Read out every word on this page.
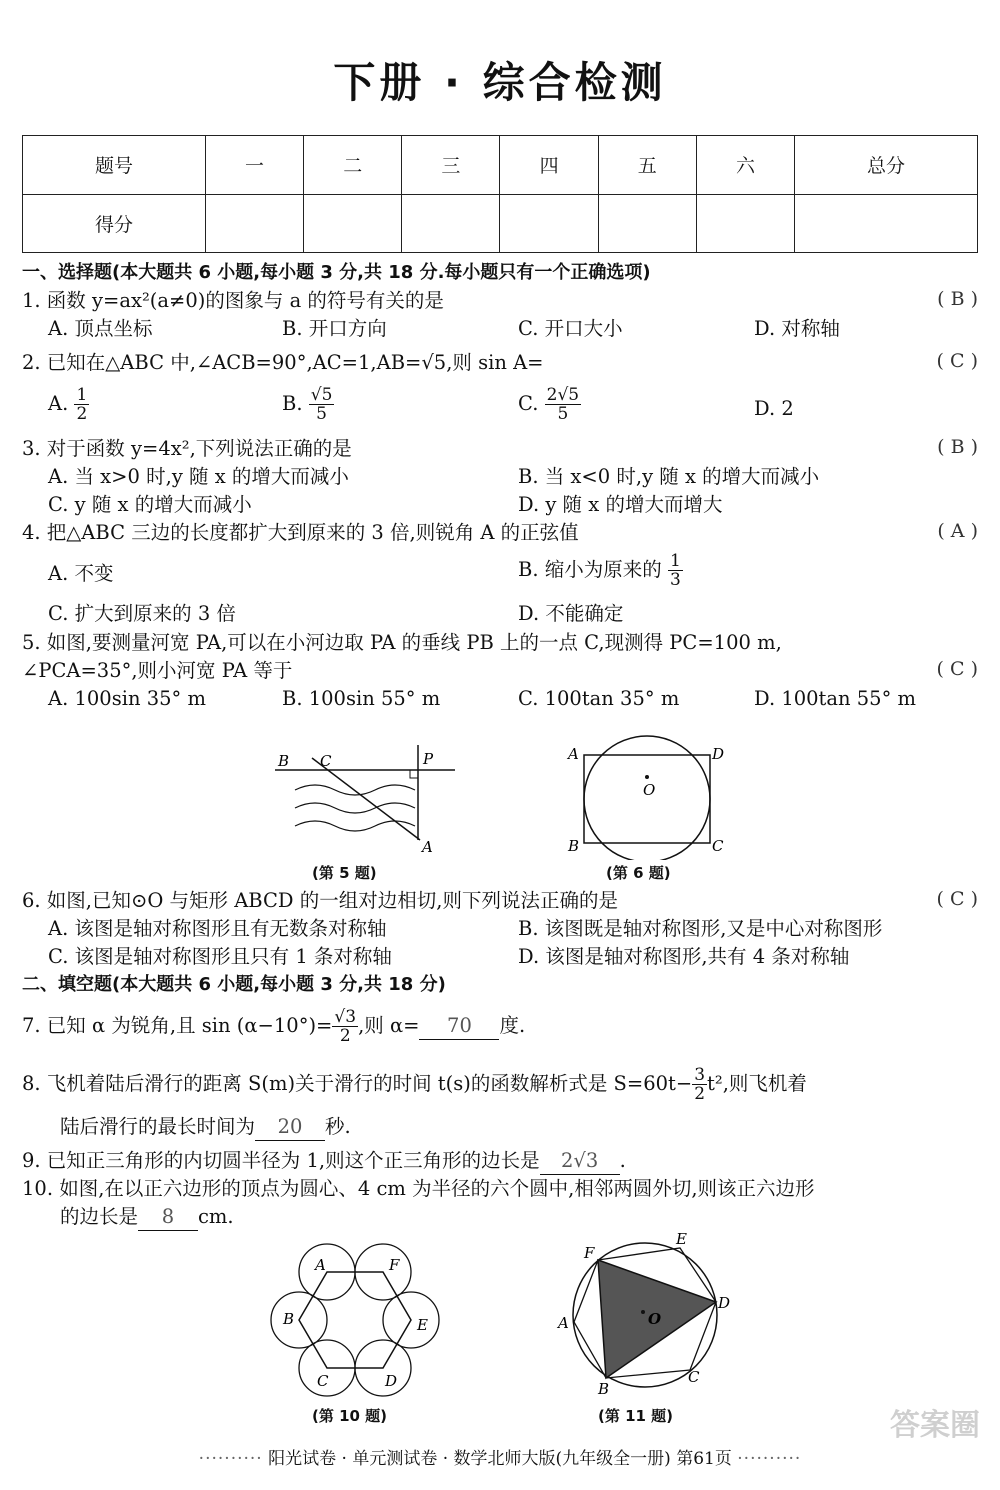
下册 · 综合检测
题号	一	二	三	四	五	六	总分
得分							
一、选择题(本大题共 6 小题,每小题 3 分,共 18 分.每小题只有一个正确选项)
1. 函数 y=ax²(a≠0)的图象与 a 的符号有关的是	( B )
A. 顶点坐标	B. 开口方向	C. 开口大小	D. 对称轴
2. 已知在△ABC 中,∠ACB=90°,AC=1,AB=√5,则 sin A=	( C )
A. $\frac{1}{2}$	B. $\frac{√5}{5}$	C. $\frac{2√5}{5}$	D. 2
3. 对于函数 y=4x²,下列说法正确的是	( B )
A. 当 x>0 时,y 随 x 的增大而减小	B. 当 x<0 时,y 随 x 的增大而减小
C. y 随 x 的增大而减小	D. y 随 x 的增大而增大
4. 把△ABC 三边的长度都扩大到原来的 3 倍,则锐角 A 的正弦值	( A )
A. 不变	B. 缩小为原来的 $\frac{1}{3}$
C. 扩大到原来的 3 倍	D. 不能确定
5. 如图,要测量河宽 PA,可以在小河边取 PA 的垂线 PB 上的一点 C,现测得 PC=100 m,
∠PCA=35°,则小河宽 PA 等于	( C )
A. 100sin 35° m	B. 100sin 55° m	C. 100tan 35° m	D. 100tan 55° m
B C	P
A
(第 5 题)
A	D
O
B	C
(第 6 题)
6. 如图,已知⊙O 与矩形 ABCD 的一组对边相切,则下列说法正确的是	( C )
A. 该图是轴对称图形且有无数条对称轴	B. 该图既是轴对称图形,又是中心对称图形
C. 该图是轴对称图形且只有 1 条对称轴	D. 该图是轴对称图形,共有 4 条对称轴
二、填空题(本大题共 6 小题,每小题 3 分,共 18 分)
7. 已知 α 为锐角,且 $\sin (\alpha-10^\circ)= \frac{√3}{2}$ ,则 α= 70 度.
8. 飞机着陆后滑行的距离 S(m)关于滑行的时间 t(s)的函数解析式是 $S=60t- \frac{3}{2} t^2$,则飞机着
陆后滑行的最长时间为 20 秒.
9. 已知正三角形的内切圆半径为 1,则这个正三角形的边长是 2√3 .
10. 如图,在以正六边形的顶点为圆心、4 cm 为半径的六个圆中,相邻两圆外切,则该正六边形
的边长是 8 cm.
A	F
B	E
C	D
(第 10 题)
F
E
D
A
B
C
O
(第 11 题)
·········· 阳光试卷 · 单元测试卷 · 数学北师大版(九年级全一册) 第61页 ··········
答案圈
